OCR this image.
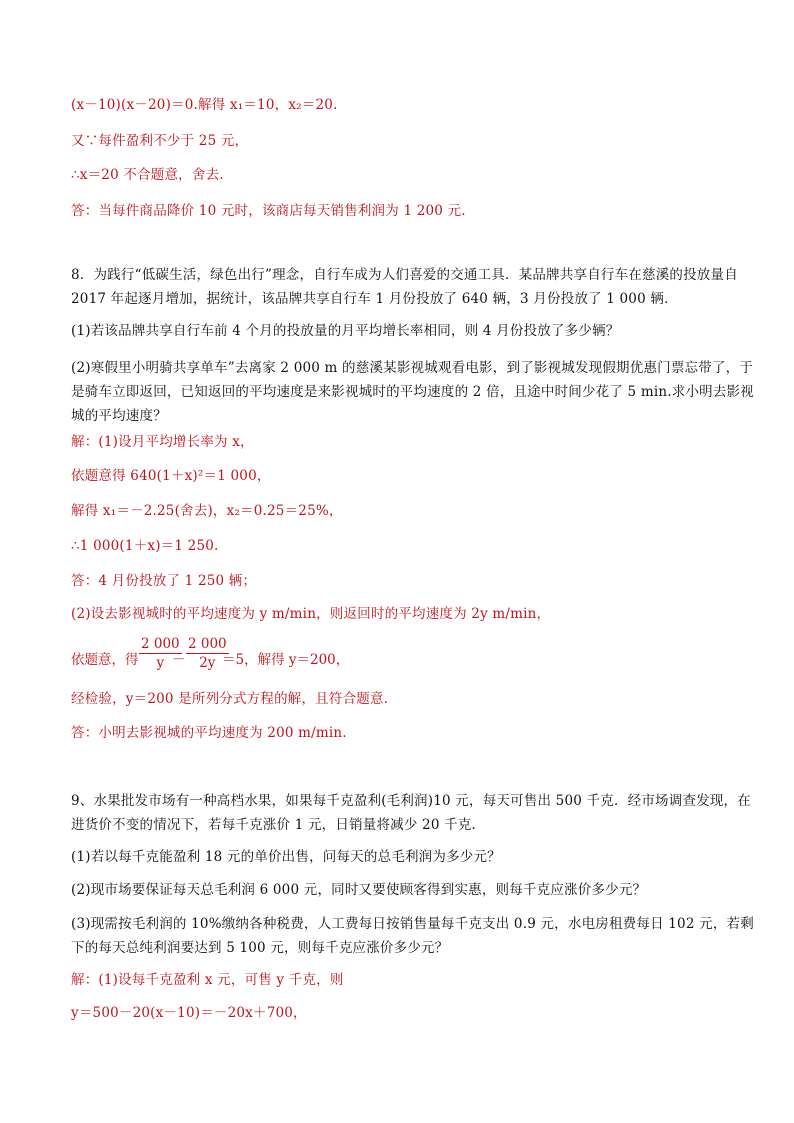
(x－10)(x－20)＝0.解得 x₁＝10，x₂＝20.
又∵每件盈利不少于 25 元，
∴x＝20 不合题意，舍去.
答：当每件商品降价 10 元时，该商店每天销售利润为 1 200 元.
8．为践行“低碳生活，绿色出行”理念，自行车成为人们喜爱的交通工具．某品牌共享自行车在慈溪的投放量自 2017 年起逐月增加，据统计，该品牌共享自行车 1 月份投放了 640 辆，3 月份投放了 1 000 辆．
(1)若该品牌共享自行车前 4 个月的投放量的月平均增长率相同，则 4 月份投放了多少辆？
(2)寒假里小明骑共享单车”去离家 2 000 m 的慈溪某影视城观看电影，到了影视城发现假期优惠门票忘带了，于是骑车立即返回，已知返回的平均速度是来影视城时的平均速度的 2 倍，且途中时间少花了 5 min.求小明去影视城的平均速度？
解：(1)设月平均增长率为 x，
依题意得 640(1＋x)²＝1 000，
解得 x₁＝－2.25(舍去)，x₂＝0.25＝25%，
∴1 000(1＋x)＝1 250.
答：4 月份投放了 1 250 辆；
(2)设去影视城时的平均速度为 y m/min，则返回时的平均速度为 2y m/min，
依题意，得 $\frac{2 000}{y}$
－ $\frac{2 000}{2y}$
＝5，解得 y＝200，
经检验，y＝200 是所列分式方程的解，且符合题意.
答：小明去影视城的平均速度为 200 m/min.
9、水果批发市场有一种高档水果，如果每千克盈利(毛利润)10 元，每天可售出 500 千克．经市场调查发现，在进货价不变的情况下，若每千克涨价 1 元，日销量将减少 20 千克．
(1)若以每千克能盈利 18 元的单价出售，问每天的总毛利润为多少元？
(2)现市场要保证每天总毛利润 6 000 元，同时又要使顾客得到实惠，则每千克应涨价多少元？
(3)现需按毛利润的 10%缴纳各种税费，人工费每日按销售量每千克支出 0.9 元，水电房租费每日 102 元，若剩下的每天总纯利润要达到 5 100 元，则每千克应涨价多少元？
解：(1)设每千克盈利 x 元，可售 y 千克，则
y＝500－20(x－10)＝－20x＋700，
